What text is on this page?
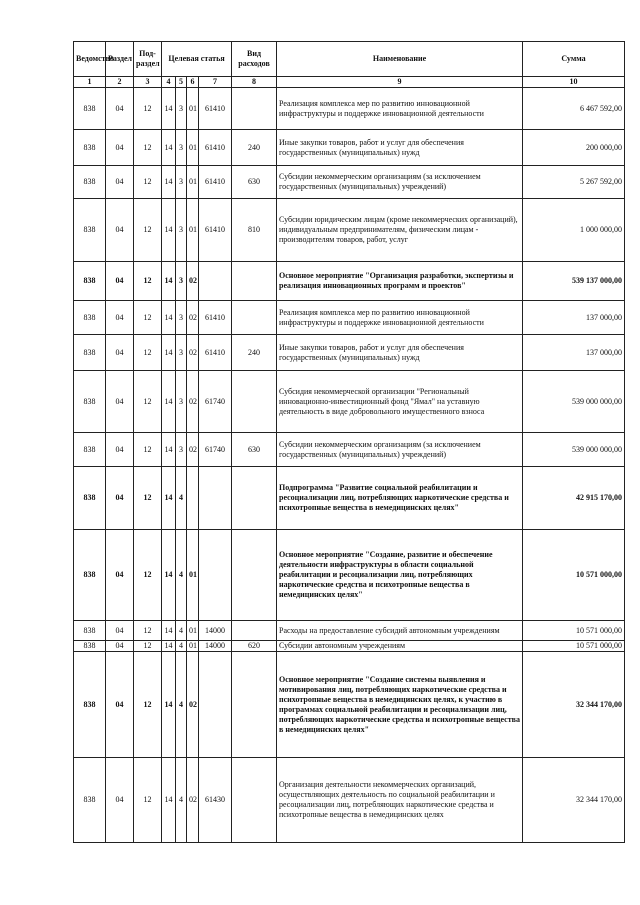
Ведомство	Раздел	Под-раздел	Целевая статья				Вид расходов	Наименование	Сумма
1	2	3	4	5	6	7	8	9	10
838	04	12	14	3	01	61410		Реализация комплекса мер по развитию инновационной инфраструктуры и поддержке инновационной деятельности	6 467 592,00
838	04	12	14	3	01	61410	240	Иные закупки товаров, работ и услуг для обеспечения государственных (муниципальных) нужд	200 000,00
838	04	12	14	3	01	61410	630	Субсидии некоммерческим организациям (за исключением государственных (муниципальных) учреждений)	5 267 592,00
838	04	12	14	3	01	61410	810	Субсидии юридическим лицам (кроме некоммерческих организаций), индивидуальным предпринимателям, физическим лицам - производителям товаров, работ, услуг	1 000 000,00
838	04	12	14	3	02			Основное мероприятие "Организация разработки, экспертизы и реализация инновационных программ и проектов"	539 137 000,00
838	04	12	14	3	02	61410		Реализация комплекса мер по развитию инновационной инфраструктуры и поддержке инновационной деятельности	137 000,00
838	04	12	14	3	02	61410	240	Иные закупки товаров, работ и услуг для обеспечения государственных (муниципальных) нужд	137 000,00
838	04	12	14	3	02	61740		Субсидия некоммерческой организации "Региональный инновационно-инвестиционный фонд "Ямал" на уставную деятельность в виде добровольного имущественного взноса	539 000 000,00
838	04	12	14	3	02	61740	630	Субсидии некоммерческим организациям (за исключением государственных (муниципальных) учреждений)	539 000 000,00
838	04	12	14	4				Подпрограмма "Развитие социальной реабилитации и ресоциализации лиц, потребляющих наркотические средства и психотропные вещества в немедицинских целях"	42 915 170,00
838	04	12	14	4	01			Основное мероприятие "Создание, развитие и обеспечение деятельности инфраструктуры в области социальной реабилитации и ресоциализации лиц, потребляющих наркотические средства и психотропные вещества в немедицинских целях"	10 571 000,00
838	04	12	14	4	01	14000		Расходы на предоставление субсидий автономным учреждениям	10 571 000,00
838	04	12	14	4	01	14000	620	Субсидии автономным учреждениям	10 571 000,00
838	04	12	14	4	02			Основное мероприятие "Создание системы выявления и мотивирования лиц, потребляющих наркотические средства и психотропные вещества в немедицинских целях, к участию в программах социальной реабилитации и ресоциализации лиц, потребляющих наркотические средства и психотропные вещества в немедицинских целях"	32 344 170,00
838	04	12	14	4	02	61430		Организация деятельности некоммерческих организаций, осуществляющих деятельность по социальной реабилитации и ресоциализации лиц, потребляющих наркотические средства и психотропные вещества в немедицинских целях	32 344 170,00
